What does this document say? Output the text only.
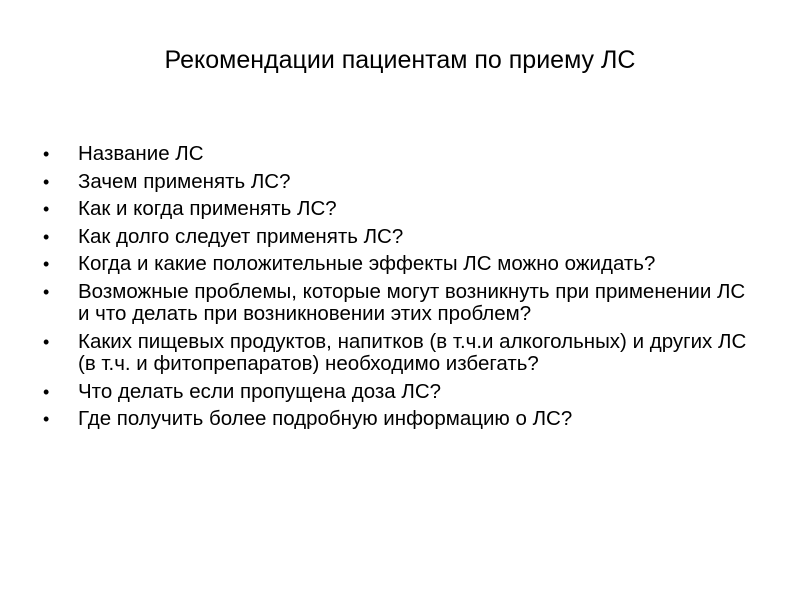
Рекомендации пациентам по приему ЛС
• Название ЛС
• Зачем применять ЛС?
• Как и когда применять ЛС?
• Как долго следует применять ЛС?
• Когда и какие положительные эффекты ЛС можно ожидать?
• Возможные проблемы, которые могут возникнуть при применении ЛС и что делать при возникновении этих проблем?
• Каких пищевых продуктов, напитков (в т.ч.и алкогольных) и других ЛС (в т.ч. и фитопрепаратов) необходимо избегать?
• Что делать если пропущена доза ЛС?
• Где получить более подробную информацию о ЛС?
